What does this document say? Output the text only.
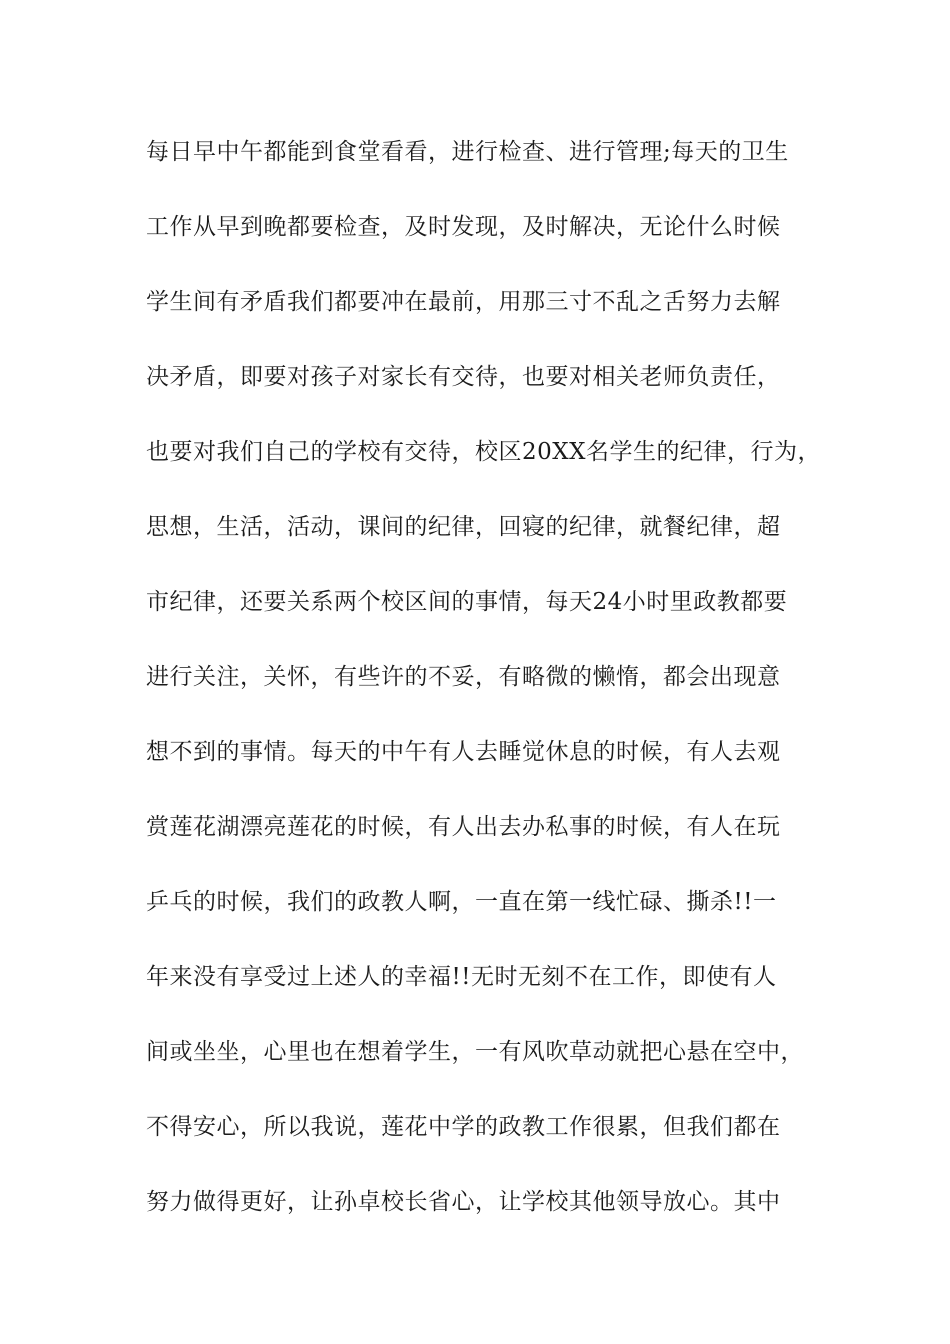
每日早中午都能到食堂看看，进行检查、进行管理;每天的卫生
工作从早到晚都要检查，及时发现，及时解决，无论什么时候
学生间有矛盾我们都要冲在最前，用那三寸不乱之舌努力去解
决矛盾，即要对孩子对家长有交待，也要对相关老师负责任，
也要对我们自己的学校有交待，校区20XX名学生的纪律，行为，
思想，生活，活动，课间的纪律，回寝的纪律，就餐纪律，超
市纪律，还要关系两个校区间的事情，每天24小时里政教都要
进行关注，关怀，有些许的不妥，有略微的懒惰，都会出现意
想不到的事情。每天的中午有人去睡觉休息的时候，有人去观
赏莲花湖漂亮莲花的时候，有人出去办私事的时候，有人在玩
乒乓的时候，我们的政教人啊，一直在第一线忙碌、撕杀!!一
年来没有享受过上述人的幸福!!无时无刻不在工作，即使有人
间或坐坐，心里也在想着学生，一有风吹草动就把心悬在空中，
不得安心，所以我说，莲花中学的政教工作很累，但我们都在
努力做得更好，让孙卓校长省心，让学校其他领导放心。其中
